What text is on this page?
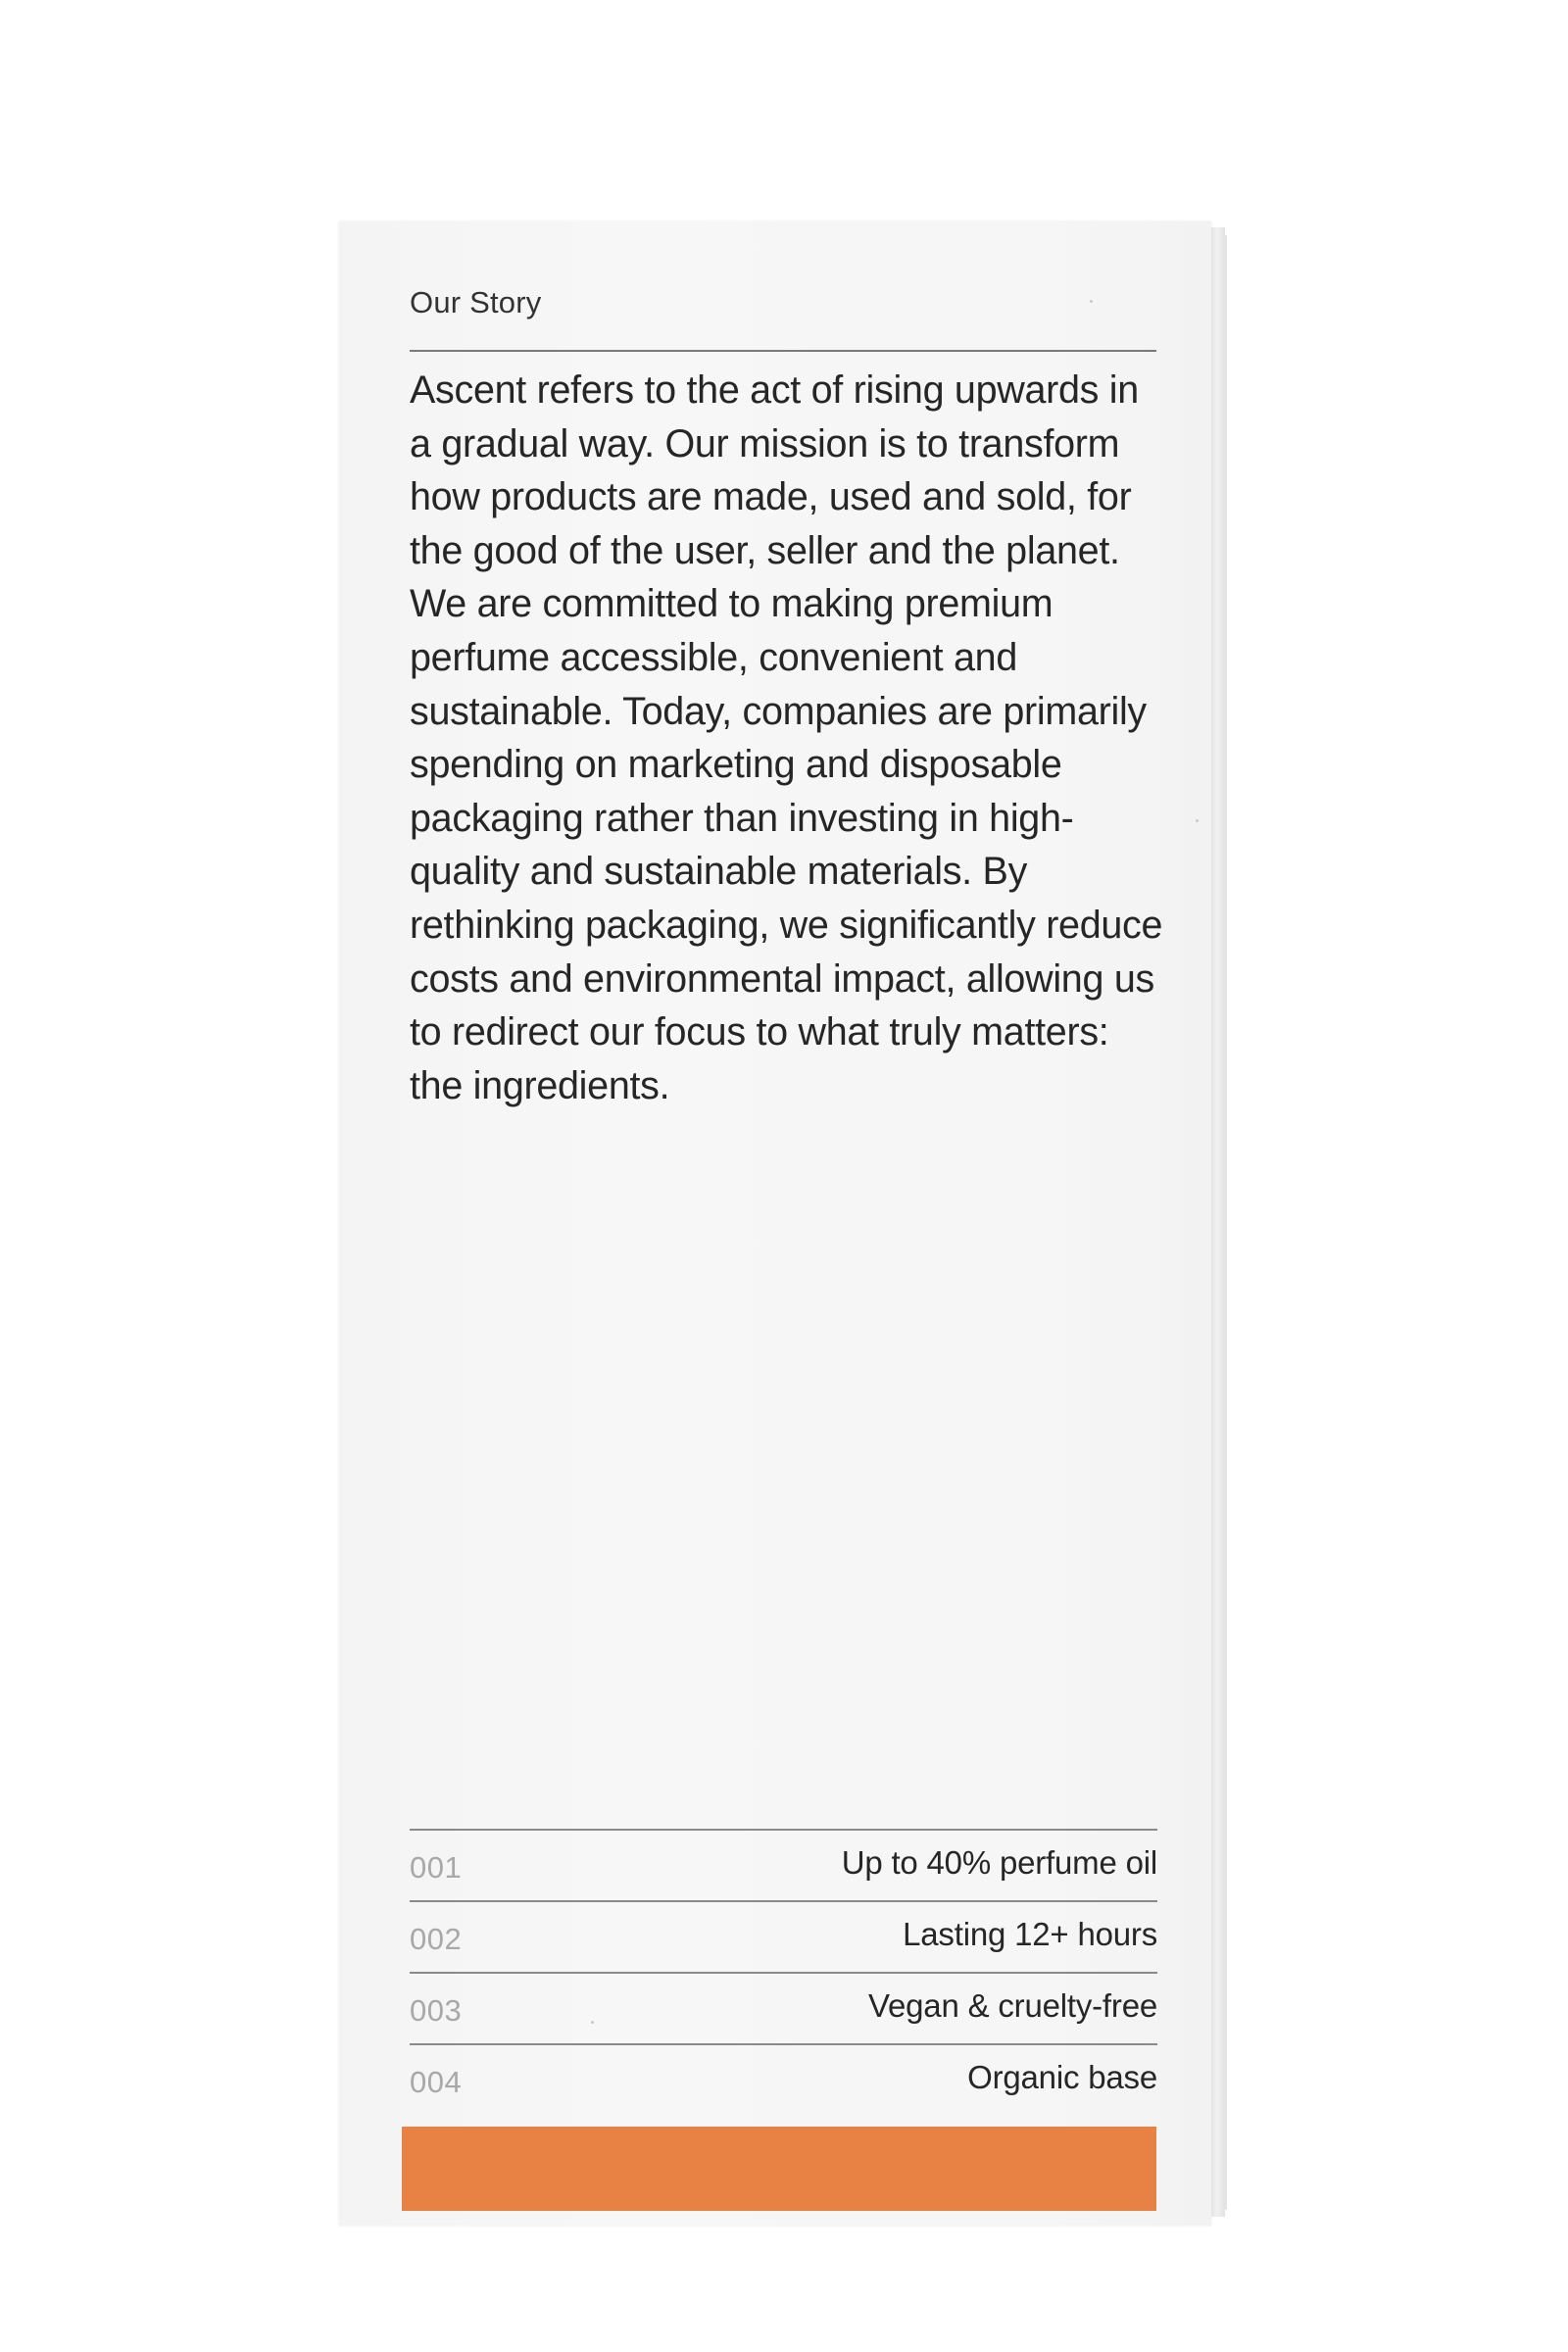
Our Story

Ascent refers to the act of rising upwards in a gradual way. Our mission is to transform how products are made, used and sold, for the good of the user, seller and the planet. We are committed to making premium perfume accessible, convenient and sustainable. Today, companies are primarily spending on marketing and disposable packaging rather than investing in high-quality and sustainable materials. By rethinking packaging, we significantly reduce costs and environmental impact, allowing us to redirect our focus to what truly matters: the ingredients.

001	Up to 40% perfume oil
002	Lasting 12+ hours
003	Vegan & cruelty-free
004	Organic base
